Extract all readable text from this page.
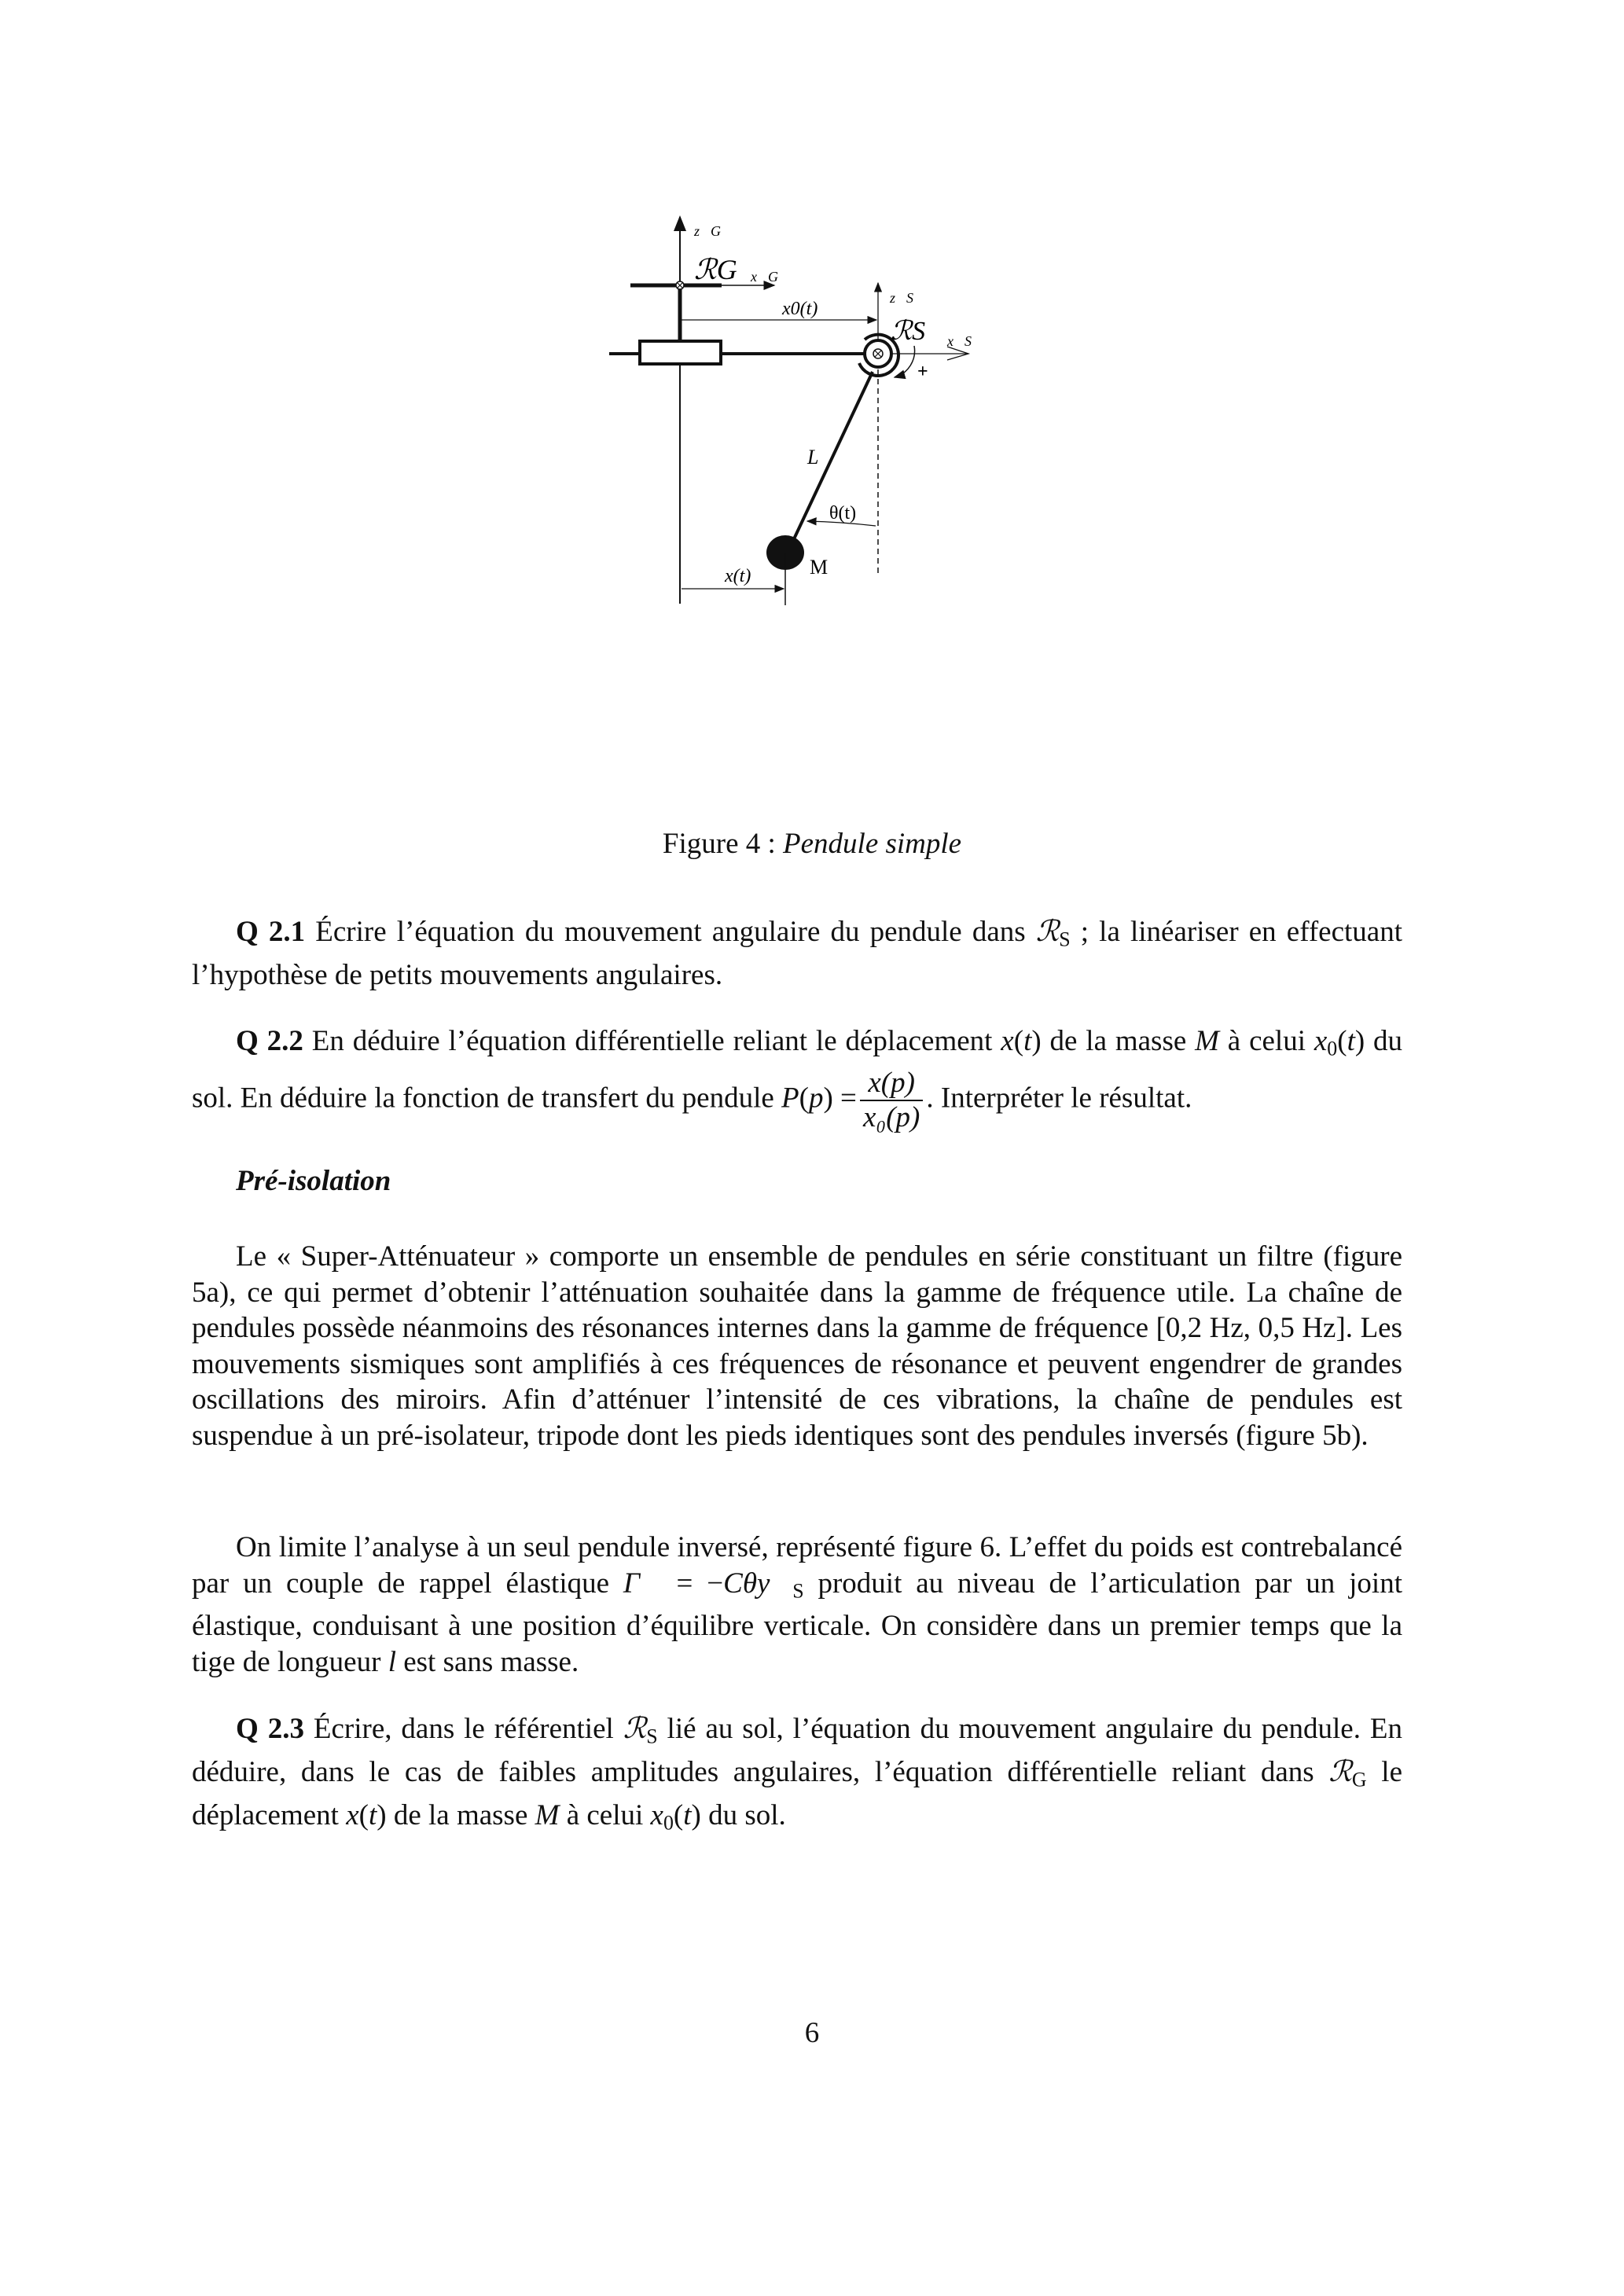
z⃗G
ℛG x⃗G
x0(t)
z⃗S
ℛS x⃗S
+
L
θ(t)
M
x(t)
Figure 4 : Pendule simple
Q 2.1 Écrire l’équation du mouvement angulaire du pendule dans ℛ$_S$ ; la linéariser en effectuant l’hypothèse de petits mouvements angulaires.
Q 2.2 En déduire l’équation différentielle reliant le déplacement x(t) de la masse M à celui $x_0(t)$ du sol. En déduire la fonction de transfert du pendule $P(p) = \frac{x(p)}{\text{x₀(p)}}$ . Interpréter le résultat.
Pré-isolation
Le « Super-Atténuateur » comporte un ensemble de pendules en série constituant un filtre (figure 5a), ce qui permet d’obtenir l’atténuation souhaitée dans la gamme de fréquence utile. La chaîne de pendules possède néanmoins des résonances internes dans la gamme de fréquence [0,2 Hz, 0,5 Hz]. Les mouvements sismiques sont amplifiés à ces fréquences de résonance et peuvent engendrer de grandes oscillations des miroirs. Afin d’atténuer l’intensité de ces vibrations, la chaîne de pendules est suspendue à un pré-isolateur, tripode dont les pieds identiques sont des pendules inversés (figure 5b).
On limite l’analyse à un seul pendule inversé, représenté figure 6. L’effet du poids est contrebalancé par un couple de rappel élastique Γ⃗ = $-C\theta y⃗_S$ produit au niveau de l’articulation par un joint élastique, conduisant à une position d’équilibre verticale. On considère dans un premier temps que la tige de longueur l est sans masse.
Q 2.3 Écrire, dans le référentiel ℛ$_S$ lié au sol, l’équation du mouvement angulaire du pendule. En déduire, dans le cas de faibles amplitudes angulaires, l’équation différentielle reliant dans ℛ$_G$ le déplacement x(t) de la masse M à celui $x_0(t)$ du sol.
6
